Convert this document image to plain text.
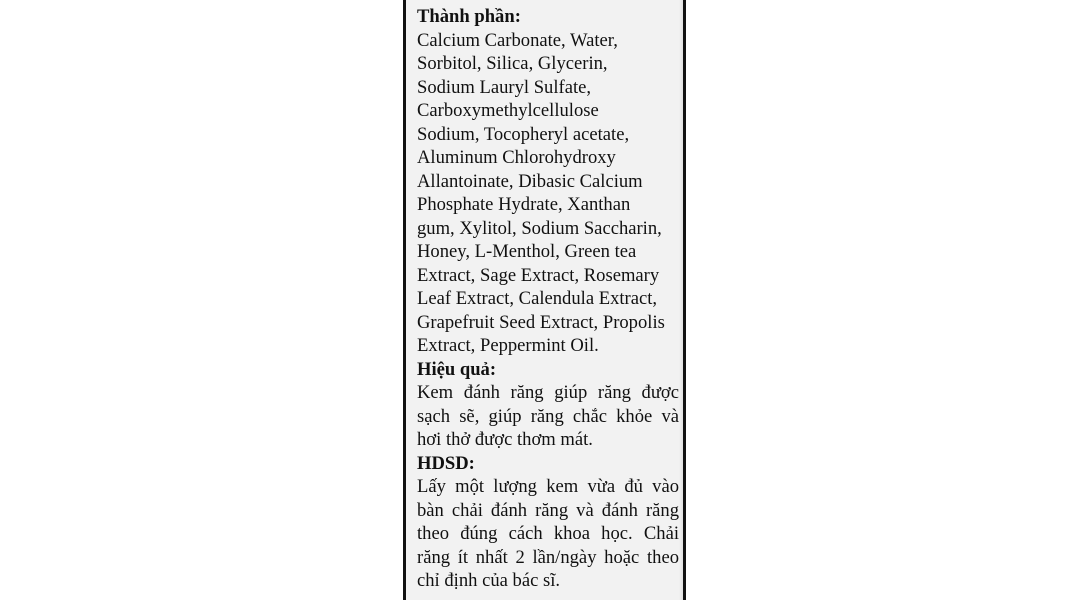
Thành phần:
Calcium Carbonate, Water,
Sorbitol, Silica, Glycerin,
Sodium Lauryl Sulfate,
Carboxymethylcellulose
Sodium, Tocopheryl acetate,
Aluminum Chlorohydroxy
Allantoinate, Dibasic Calcium
Phosphate Hydrate, Xanthan
gum, Xylitol, Sodium Saccharin,
Honey, L-Menthol, Green tea
Extract, Sage Extract, Rosemary
Leaf Extract, Calendula Extract,
Grapefruit Seed Extract, Propolis
Extract, Peppermint Oil.
Hiệu quả:
Kem đánh răng giúp răng được
sạch sẽ, giúp răng chắc khỏe và
hơi thở được thơm mát.
HDSD:
Lấy một lượng kem vừa đủ vào
bàn chải đánh răng và đánh răng
theo đúng cách khoa học. Chải
răng ít nhất 2 lần/ngày hoặc theo
chỉ định của bác sĩ.
